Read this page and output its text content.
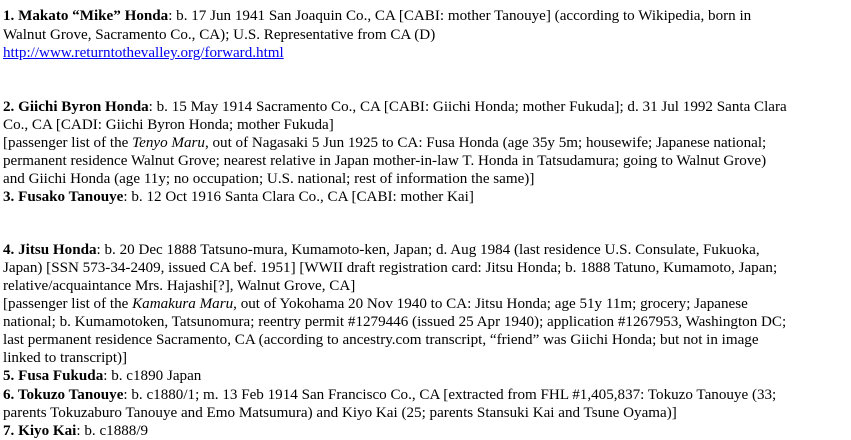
1. Makato “Mike” Honda: b. 17 Jun 1941 San Joaquin Co., CA [CABI: mother Tanouye] (according to Wikipedia, born in
Walnut Grove, Sacramento Co., CA); U.S. Representative from CA (D)
http://www.returntothevalley.org/forward.html
2. Giichi Byron Honda: b. 15 May 1914 Sacramento Co., CA [CABI: Giichi Honda; mother Fukuda]; d. 31 Jul 1992 Santa Clara
Co., CA [CADI: Giichi Byron Honda; mother Fukuda]
[passenger list of the Tenyo Maru, out of Nagasaki 5 Jun 1925 to CA: Fusa Honda (age 35y 5m; housewife; Japanese national;
permanent residence Walnut Grove; nearest relative in Japan mother-in-law T. Honda in Tatsudamura; going to Walnut Grove)
and Giichi Honda (age 11y; no occupation; U.S. national; rest of information the same)]
3. Fusako Tanouye: b. 12 Oct 1916 Santa Clara Co., CA [CABI: mother Kai]
4. Jitsu Honda: b. 20 Dec 1888 Tatsuno-mura, Kumamoto-ken, Japan; d. Aug 1984 (last residence U.S. Consulate, Fukuoka,
Japan) [SSN 573-34-2409, issued CA bef. 1951] [WWII draft registration card: Jitsu Honda; b. 1888 Tatuno, Kumamoto, Japan;
relative/acquaintance Mrs. Hajashi[?], Walnut Grove, CA]
[passenger list of the Kamakura Maru, out of Yokohama 20 Nov 1940 to CA: Jitsu Honda; age 51y 11m; grocery; Japanese
national; b. Kumamotoken, Tatsunomura; reentry permit #1279446 (issued 25 Apr 1940); application #1267953, Washington DC;
last permanent residence Sacramento, CA (according to ancestry.com transcript, “friend” was Giichi Honda; but not in image
linked to transcript)]
5. Fusa Fukuda: b. c1890 Japan
6. Tokuzo Tanouye: b. c1880/1; m. 13 Feb 1914 San Francisco Co., CA [extracted from FHL #1,405,837: Tokuzo Tanouye (33;
parents Tokuzaburo Tanouye and Emo Matsumura) and Kiyo Kai (25; parents Stansuki Kai and Tsune Oyama)]
7. Kiyo Kai: b. c1888/9
